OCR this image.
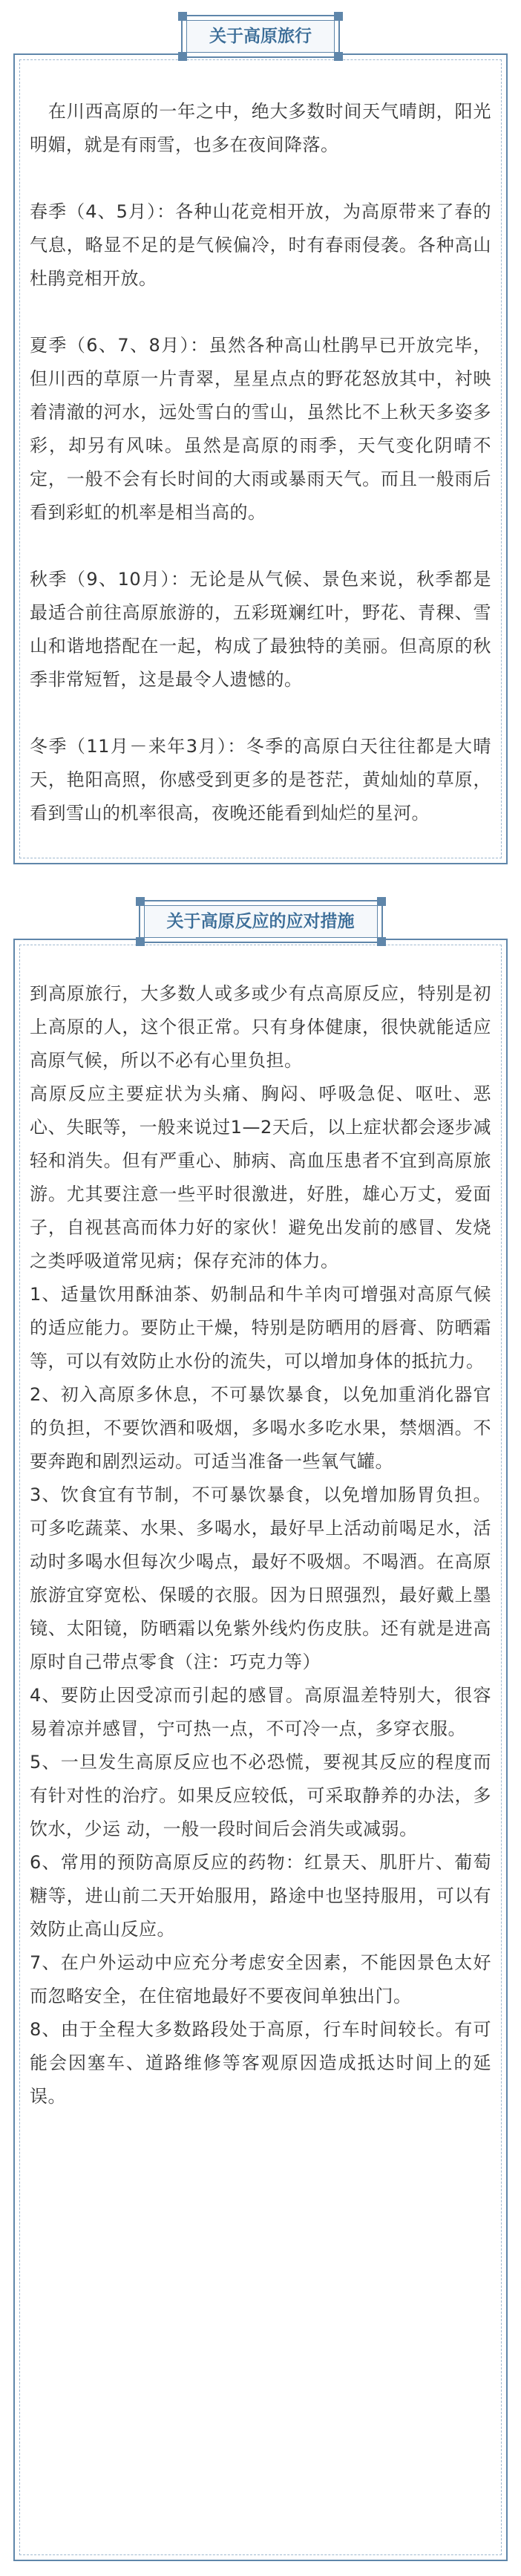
关于高原旅行

在川西高原的一年之中，绝大多数时间天气晴朗，阳光明媚，就是有雨雪，也多在夜间降落。

春季（4、5月）：各种山花竞相开放，为高原带来了春的气息，略显不足的是气候偏冷，时有春雨侵袭。各种高山杜鹃竞相开放。

夏季（6、7、8月）：虽然各种高山杜鹃早已开放完毕，但川西的草原一片青翠，星星点点的野花怒放其中，衬映着清澈的河水，远处雪白的雪山，虽然比不上秋天多姿多彩，却另有风味。虽然是高原的雨季，天气变化阴晴不定，一般不会有长时间的大雨或暴雨天气。而且一般雨后看到彩虹的机率是相当高的。

秋季（9、10月）：无论是从气候、景色来说，秋季都是最适合前往高原旅游的，五彩斑斓红叶，野花、青稞、雪山和谐地搭配在一起，构成了最独特的美丽。但高原的秋季非常短暂，这是最令人遗憾的。

冬季（11月－来年3月）：冬季的高原白天往往都是大晴天，艳阳高照，你感受到更多的是苍茫，黄灿灿的草原，看到雪山的机率很高，夜晚还能看到灿烂的星河。

关于高原反应的应对措施

到高原旅行，大多数人或多或少有点高原反应，特别是初上高原的人，这个很正常。只有身体健康，很快就能适应高原气候，所以不必有心里负担。

高原反应主要症状为头痛、胸闷、呼吸急促、呕吐、恶心、失眠等，一般来说过1—2天后，以上症状都会逐步减轻和消失。但有严重心、肺病、高血压患者不宜到高原旅游。尤其要注意一些平时很激进，好胜，雄心万丈，爱面子，自视甚高而体力好的家伙！避免出发前的感冒、发烧之类呼吸道常见病；保存充沛的体力。

1、适量饮用酥油茶、奶制品和牛羊肉可增强对高原气候的适应能力。要防止干燥，特别是防晒用的唇膏、防晒霜等，可以有效防止水份的流失，可以增加身体的抵抗力。

2、初入高原多休息，不可暴饮暴食，以免加重消化器官的负担，不要饮酒和吸烟，多喝水多吃水果，禁烟酒。不要奔跑和剧烈运动。可适当准备一些氧气罐。

3、饮食宜有节制，不可暴饮暴食，以免增加肠胃负担。可多吃蔬菜、水果、多喝水，最好早上活动前喝足水，活动时多喝水但每次少喝点，最好不吸烟。不喝酒。在高原旅游宜穿宽松、保暖的衣服。因为日照强烈，最好戴上墨镜、太阳镜，防晒霜以免紫外线灼伤皮肤。还有就是进高原时自己带点零食（注：巧克力等）

4、要防止因受凉而引起的感冒。高原温差特别大，很容易着凉并感冒，宁可热一点，不可冷一点，多穿衣服。

5、一旦发生高原反应也不必恐慌，要视其反应的程度而有针对性的治疗。如果反应较低，可采取静养的办法，多饮水，少运 动，一般一段时间后会消失或减弱。

6、常用的预防高原反应的药物：红景天、肌肝片、葡萄糖等，进山前二天开始服用，路途中也坚持服用，可以有效防止高山反应。

7、在户外运动中应充分考虑安全因素，不能因景色太好而忽略安全，在住宿地最好不要夜间单独出门。

8、由于全程大多数路段处于高原，行车时间较长。有可能会因塞车、道路维修等客观原因造成抵达时间上的延误。
